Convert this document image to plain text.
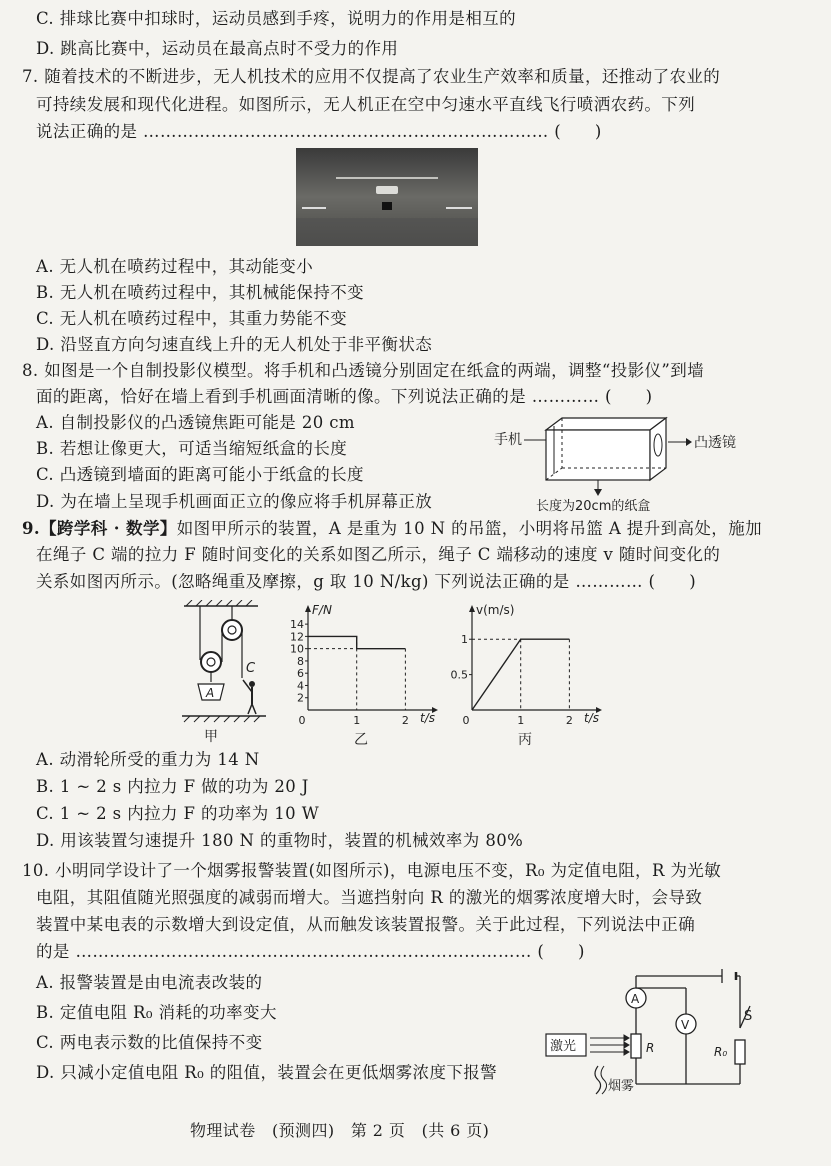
C. 排球比赛中扣球时，运动员感到手疼，说明力的作用是相互的
D. 跳高比赛中，运动员在最高点时不受力的作用
7. 随着技术的不断进步，无人机技术的应用不仅提高了农业生产效率和质量，还推动了农业的
可持续发展和现代化进程。如图所示，无人机正在空中匀速水平直线飞行喷洒农药。下列
说法正确的是 ……………………………………………………………… (　　)
A. 无人机在喷药过程中，其动能变小
B. 无人机在喷药过程中，其机械能保持不变
C. 无人机在喷药过程中，其重力势能不变
D. 沿竖直方向匀速直线上升的无人机处于非平衡状态
8. 如图是一个自制投影仪模型。将手机和凸透镜分别固定在纸盒的两端，调整“投影仪”到墙
面的距离，恰好在墙上看到手机画面清晰的像。下列说法正确的是 ………… (　　)
A. 自制投影仪的凸透镜焦距可能是 20 cm
B. 若想让像更大，可适当缩短纸盒的长度
C. 凸透镜到墙面的距离可能小于纸盒的长度
D. 为在墙上呈现手机画面正立的像应将手机屏幕正放
手机	凸透镜
长度为20cm的纸盒
9.【跨学科 · 数学】如图甲所示的装置，A 是重为 10 N 的吊篮，小明将吊篮 A 提升到高处，施加
在绳子 C 端的拉力 F 随时间变化的关系如图乙所示，绳子 C 端移动的速度 v 随时间变化的
关系如图丙所示。(忽略绳重及摩擦，g 取 10 N/kg) 下列说法正确的是 ………… (　　)
A
C
甲
F/N
t/s
2
4
6
8
10
12
14
0	1	2
乙
v(m/s)
t/s
0.5
1
0	1	2
丙
A. 动滑轮所受的重力为 14 N
B. 1 ~ 2 s 内拉力 F 做的功为 20 J
C. 1 ~ 2 s 内拉力 F 的功率为 10 W
D. 用该装置匀速提升 180 N 的重物时，装置的机械效率为 80%
10. 小明同学设计了一个烟雾报警装置(如图所示)，电源电压不变，R₀ 为定值电阻，R 为光敏
电阻，其阻值随光照强度的减弱而增大。当遮挡射向 R 的激光的烟雾浓度增大时，会导致
装置中某电表的示数增大到设定值，从而触发该装置报警。关于此过程，下列说法中正确
的是 ……………………………………………………………………… (　　)
A. 报警装置是由电流表改装的
B. 定值电阻 R₀ 消耗的功率变大
C. 两电表示数的比值保持不变
D. 只减小定值电阻 R₀ 的阻值，装置会在更低烟雾浓度下报警
S
A
R
V
R₀
激光
烟雾
物理试卷　(预测四)　第 2 页　(共 6 页)
